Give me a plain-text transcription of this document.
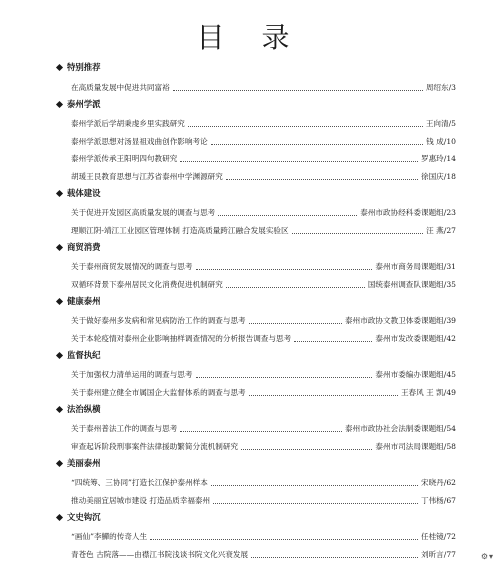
目 录
特别推荐
在高质量发展中促进共同富裕	周绍东/3
泰州学派
泰州学派后学胡秉虔乡里实践研究	王向清/5
泰州学派思想对汤显祖戏曲创作影响考论	钱 成/10
泰州学派传承王阳明四句教研究	罗惠玲/14
胡瑗王艮教育思想与江苏省泰州中学渊源研究	徐国庆/18
载体建设
关于促进开发园区高质量发展的调查与思考	泰州市政协经科委课题组/23
理顺江阴-靖江工业园区管理体制 打造高质量跨江融合发展实验区	汪 燕/27
商贸消费
关于泰州商贸发展情况的调查与思考	泰州市商务局课题组/31
双循环背景下泰州居民文化消费促进机制研究	国统泰州调查队课题组/35
健康泰州
关于做好泰州多发病和常见病防治工作的调查与思考	泰州市政协文教卫体委课题组/39
关于本轮疫情对泰州企业影响抽样调查情况的分析报告调查与思考	泰州市发改委课题组/42
监督执纪
关于加强权力清单运用的调查与思考	泰州市委编办课题组/45
关于泰州建立健全市属国企大监督体系的调查与思考	王春风 王 凯/49
法治纵横
关于泰州普法工作的调查与思考	泰州市政协社会法制委课题组/54
审查起诉阶段刑事案件法律援助繁简分流机制研究	泰州市司法局课题组/58
美丽泰州
“四统筹、三协同”打造长江保护泰州样本	宋晓丹/62
推动美丽宜居城市建设 打造品质幸福泰州	丁伟杨/67
文史钩沉
“画仙”李鱓的传奇人生	任桂镜/72
青苍色 古院落——由襟江书院浅谈书院文化兴衰发展	刘昕言/77	⚙▾
